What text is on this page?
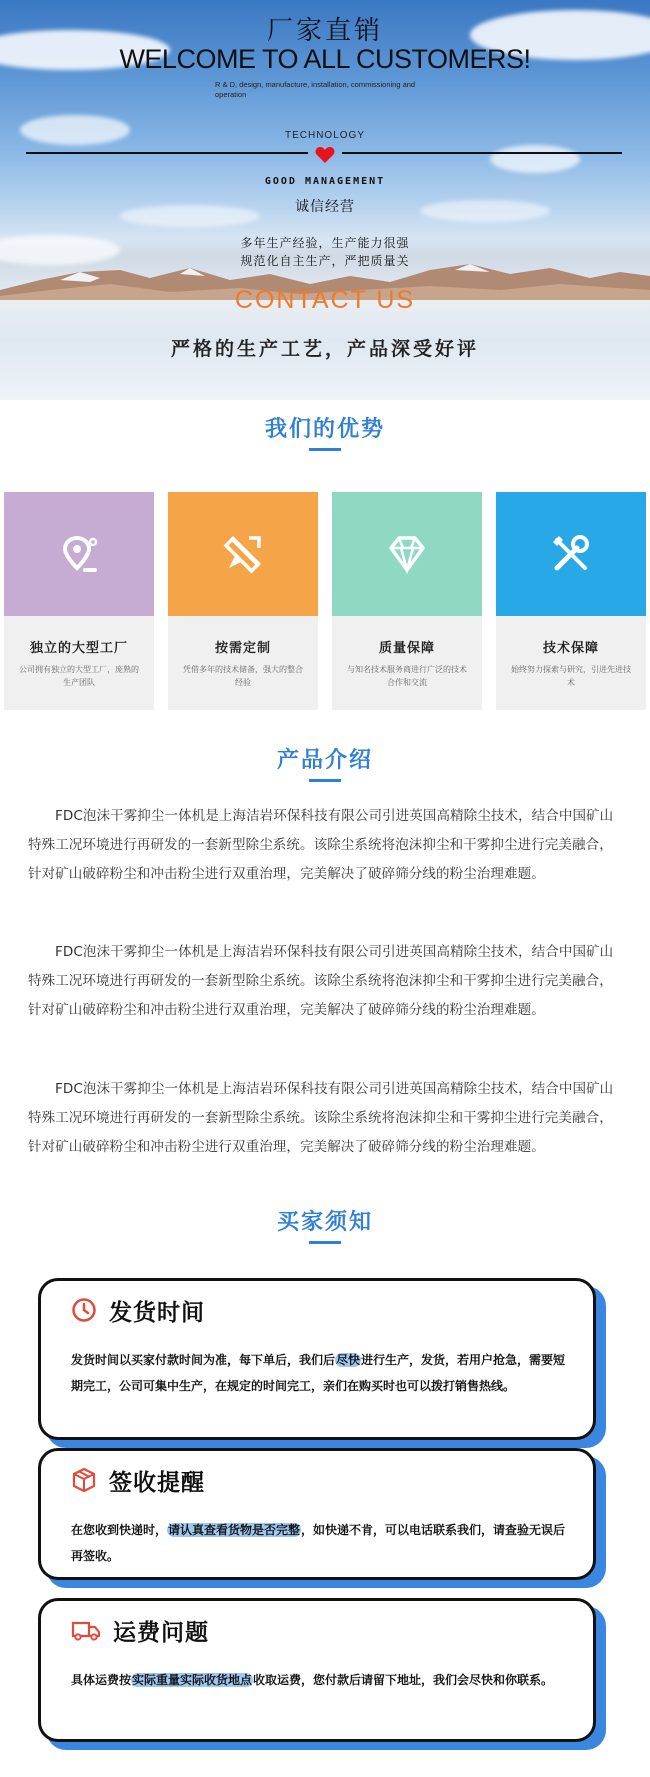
厂家直销
WELCOME TO ALL CUSTOMERS!
R & D, design, manufacture, installation, commissioning and operation
TECHNOLOGY
GOOD MANAGEMENT
诚信经营
多年生产经验，生产能力很强
规范化自主生产，严把质量关
CONTACT US
严格的生产工艺，产品深受好评
我们的优势
独立的大型工厂
公司拥有独立的大型工厂，庞熟的生产团队
按需定制
凭借多年的技术储备，强大的整合经验
质量保障
与知名技术服务商进行广泛的技术合作和交流
技术保障
始终努力探索与研究，引进先进技术
产品介绍
FDC泡沫干雾抑尘一体机是上海洁岩环保科技有限公司引进英国高精除尘技术，结合中国矿山特殊工况环境进行再研发的一套新型除尘系统。该除尘系统将泡沫抑尘和干雾抑尘进行完美融合，针对矿山破碎粉尘和冲击粉尘进行双重治理，完美解决了破碎筛分线的粉尘治理难题。
FDC泡沫干雾抑尘一体机是上海洁岩环保科技有限公司引进英国高精除尘技术，结合中国矿山特殊工况环境进行再研发的一套新型除尘系统。该除尘系统将泡沫抑尘和干雾抑尘进行完美融合，针对矿山破碎粉尘和冲击粉尘进行双重治理，完美解决了破碎筛分线的粉尘治理难题。
FDC泡沫干雾抑尘一体机是上海洁岩环保科技有限公司引进英国高精除尘技术，结合中国矿山特殊工况环境进行再研发的一套新型除尘系统。该除尘系统将泡沫抑尘和干雾抑尘进行完美融合，针对矿山破碎粉尘和冲击粉尘进行双重治理，完美解决了破碎筛分线的粉尘治理难题。
买家须知
发货时间
发货时间以买家付款时间为准，每下单后，我们后尽快进行生产，发货，若用户抢急，需要短期完工，公司可集中生产，在规定的时间完工，亲们在购买时也可以拨打销售热线。
签收提醒
在您收到快递时，请认真查看货物是否完整，如快递不肯，可以电话联系我们，请查验无误后再签收。
运费问题
具体运费按实际重量实际收货地点收取运费，您付款后请留下地址，我们会尽快和你联系。
